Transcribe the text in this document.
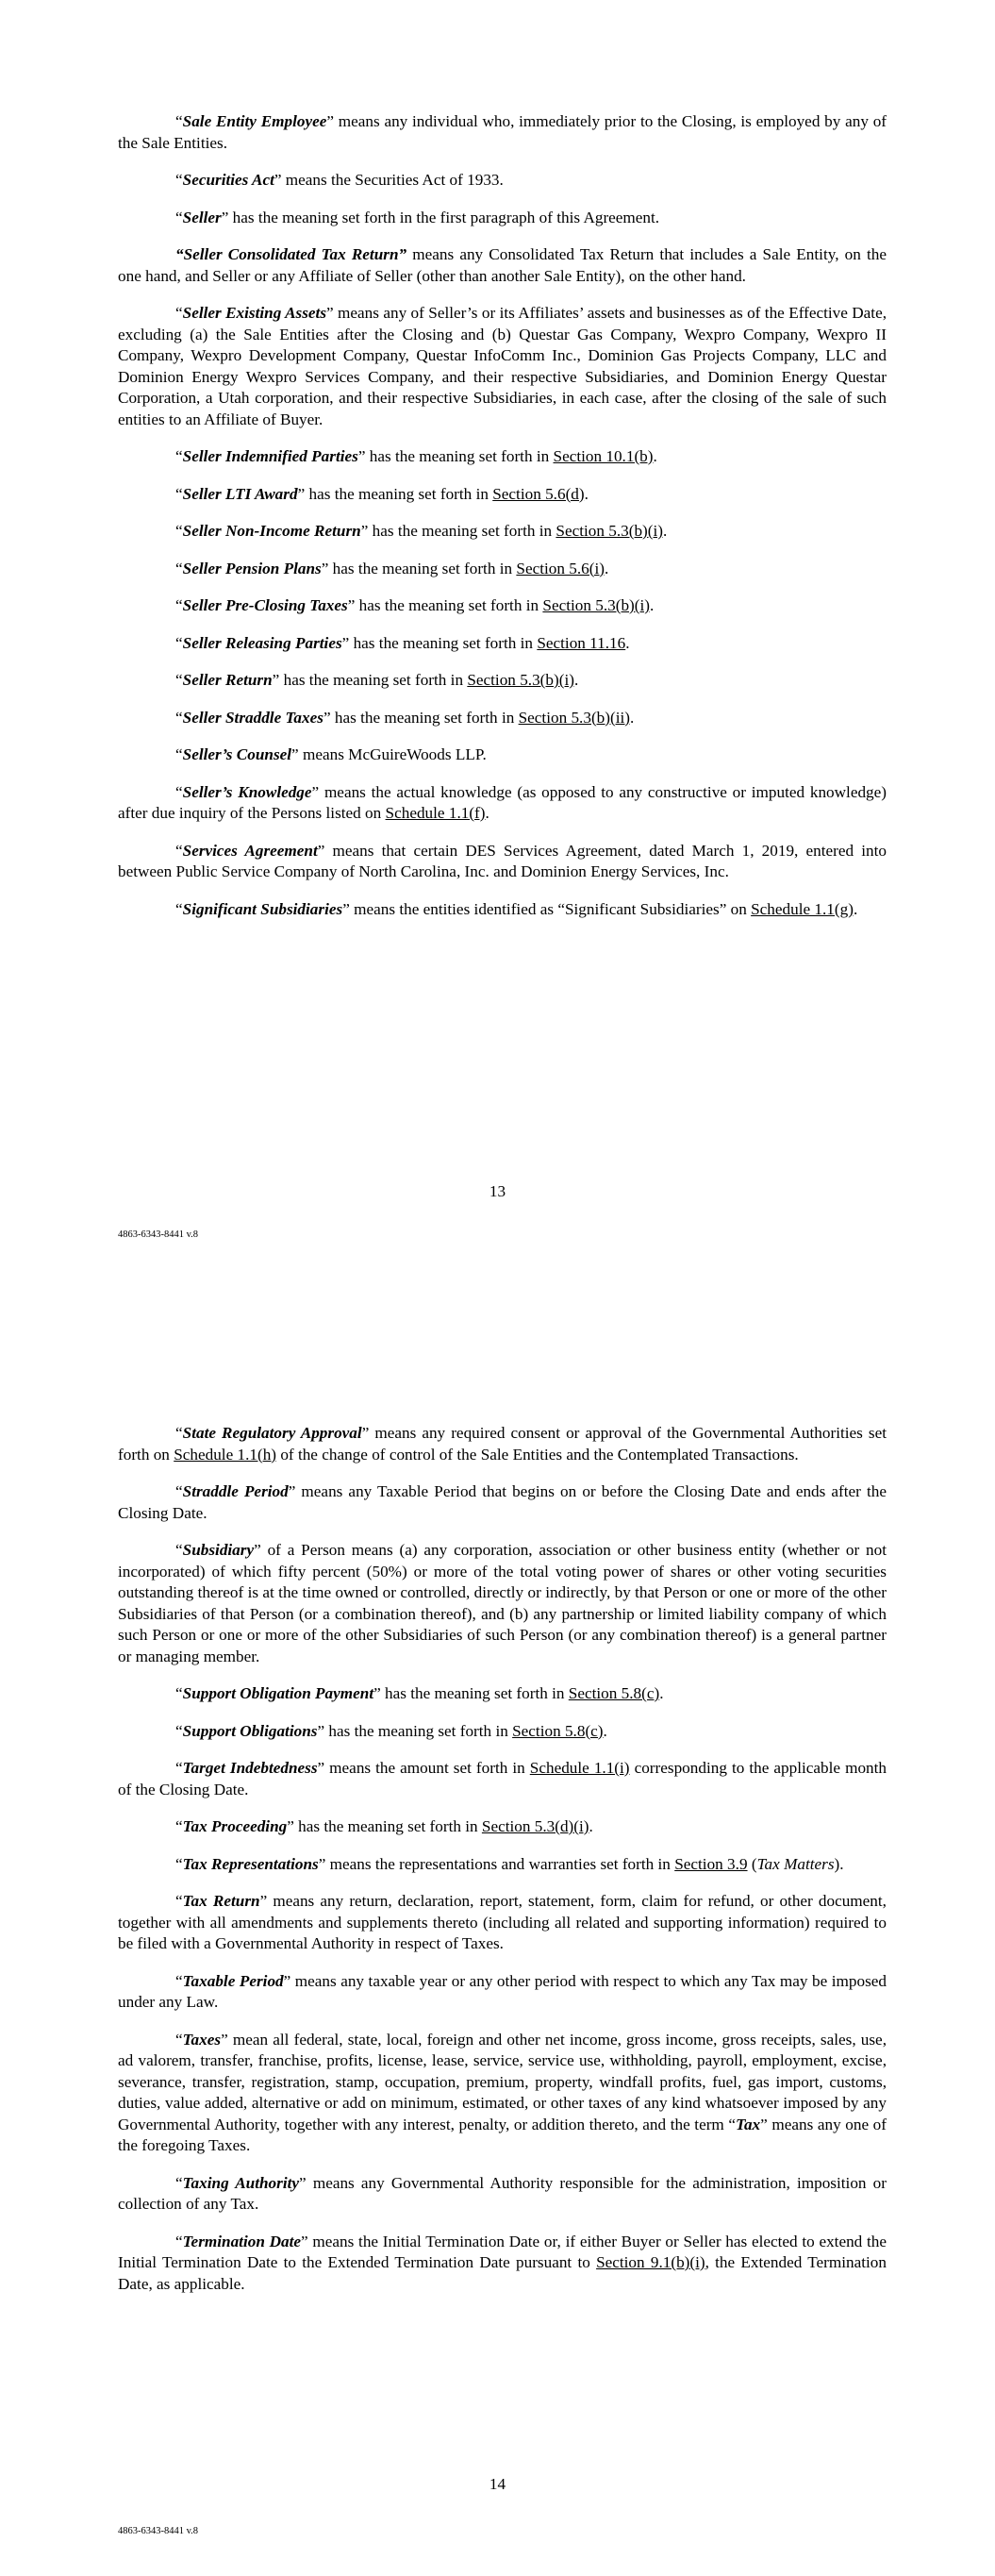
“Sale Entity Employee” means any individual who, immediately prior to the Closing, is employed by any of the Sale Entities.

“Securities Act” means the Securities Act of 1933.

“Seller” has the meaning set forth in the first paragraph of this Agreement.

“Seller Consolidated Tax Return” means any Consolidated Tax Return that includes a Sale Entity, on the one hand, and Seller or any Affiliate of Seller (other than another Sale Entity), on the other hand.

“Seller Existing Assets” means any of Seller’s or its Affiliates’ assets and businesses as of the Effective Date, excluding (a) the Sale Entities after the Closing and (b) Questar Gas Company, Wexpro Company, Wexpro II Company, Wexpro Development Company, Questar InfoComm Inc., Dominion Gas Projects Company, LLC and Dominion Energy Wexpro Services Company, and their respective Subsidiaries, and Dominion Energy Questar Corporation, a Utah corporation, and their respective Subsidiaries, in each case, after the closing of the sale of such entities to an Affiliate of Buyer.

“Seller Indemnified Parties” has the meaning set forth in Section 10.1(b).

“Seller LTI Award” has the meaning set forth in Section 5.6(d).

“Seller Non-Income Return” has the meaning set forth in Section 5.3(b)(i).

“Seller Pension Plans” has the meaning set forth in Section 5.6(i).

“Seller Pre-Closing Taxes” has the meaning set forth in Section 5.3(b)(i).

“Seller Releasing Parties” has the meaning set forth in Section 11.16.

“Seller Return” has the meaning set forth in Section 5.3(b)(i).

“Seller Straddle Taxes” has the meaning set forth in Section 5.3(b)(ii).

“Seller’s Counsel” means McGuireWoods LLP.

“Seller’s Knowledge” means the actual knowledge (as opposed to any constructive or imputed knowledge) after due inquiry of the Persons listed on Schedule 1.1(f).

“Services Agreement” means that certain DES Services Agreement, dated March 1, 2019, entered into between Public Service Company of North Carolina, Inc. and Dominion Energy Services, Inc.

“Significant Subsidiaries” means the entities identified as “Significant Subsidiaries” on Schedule 1.1(g).

13
4863-6343-8441 v.8

“State Regulatory Approval” means any required consent or approval of the Governmental Authorities set forth on Schedule 1.1(h) of the change of control of the Sale Entities and the Contemplated Transactions.

“Straddle Period” means any Taxable Period that begins on or before the Closing Date and ends after the Closing Date.

“Subsidiary” of a Person means (a) any corporation, association or other business entity (whether or not incorporated) of which fifty percent (50%) or more of the total voting power of shares or other voting securities outstanding thereof is at the time owned or controlled, directly or indirectly, by that Person or one or more of the other Subsidiaries of that Person (or a combination thereof), and (b) any partnership or limited liability company of which such Person or one or more of the other Subsidiaries of such Person (or any combination thereof) is a general partner or managing member.

“Support Obligation Payment” has the meaning set forth in Section 5.8(c).

“Support Obligations” has the meaning set forth in Section 5.8(c).

“Target Indebtedness” means the amount set forth in Schedule 1.1(i) corresponding to the applicable month of the Closing Date.

“Tax Proceeding” has the meaning set forth in Section 5.3(d)(i).

“Tax Representations” means the representations and warranties set forth in Section 3.9 (Tax Matters).

“Tax Return” means any return, declaration, report, statement, form, claim for refund, or other document, together with all amendments and supplements thereto (including all related and supporting information) required to be filed with a Governmental Authority in respect of Taxes.

“Taxable Period” means any taxable year or any other period with respect to which any Tax may be imposed under any Law.

“Taxes” mean all federal, state, local, foreign and other net income, gross income, gross receipts, sales, use, ad valorem, transfer, franchise, profits, license, lease, service, service use, withholding, payroll, employment, excise, severance, transfer, registration, stamp, occupation, premium, property, windfall profits, fuel, gas import, customs, duties, value added, alternative or add on minimum, estimated, or other taxes of any kind whatsoever imposed by any Governmental Authority, together with any interest, penalty, or addition thereto, and the term “Tax” means any one of the foregoing Taxes.

“Taxing Authority” means any Governmental Authority responsible for the administration, imposition or collection of any Tax.

“Termination Date” means the Initial Termination Date or, if either Buyer or Seller has elected to extend the Initial Termination Date to the Extended Termination Date pursuant to Section 9.1(b)(i), the Extended Termination Date, as applicable.

14
4863-6343-8441 v.8
